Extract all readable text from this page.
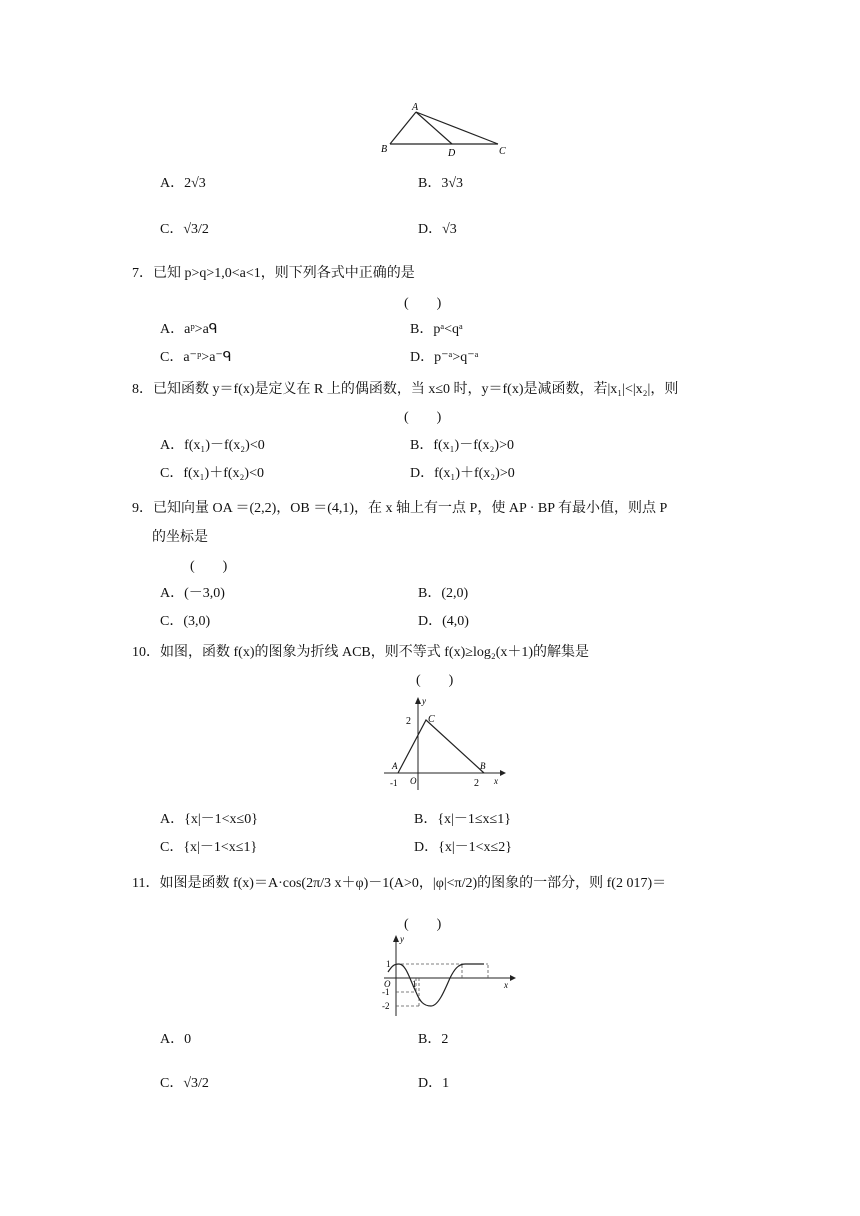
A
B	D	C
A．2√3	B．3√3
C．√3/2	D．√3
7．已知 p>q>1,0<a<1，则下列各式中正确的是
(　　)
A．aᵖ>aᑫ	B．pᵃ<qᵃ
C．a⁻ᵖ>a⁻ᑫ	D．p⁻ᵃ>q⁻ᵃ
8．已知函数 y＝f(x)是定义在 R 上的偶函数，当 x≤0 时，y＝f(x)是减函数，若|x₁|<|x₂|，则
(　　)
A．f(x₁)－f(x₂)<0	B．f(x₁)－f(x₂)>0
C．f(x₁)＋f(x₂)<0	D．f(x₁)＋f(x₂)>0
9．已知向量 OA ＝(2,2)，OB ＝(4,1)，在 x 轴上有一点 P，使 AP · BP 有最小值，则点 P
的坐标是
(　　)
A．(－3,0)	B．(2,0)
C．(3,0)	D．(4,0)
10．如图，函数 f(x)的图象为折线 ACB，则不等式 f(x)≥log₂(x＋1)的解集是
(　　)
y
2 C
A
O
B
-1	2 x
A．{x|－1<x≤0}	B．{x|－1≤x≤1}
C．{x|－1<x≤1}	D．{x|－1<x≤2}
11．如图是函数 f(x)＝A·cos(2π/3 x＋φ)－1(A>0，|φ|<π/2)的图象的一部分，则 f(2 017)＝
(　　)
y
1
O 1
-1
-2
x
A．0	B．2
C．√3/2	D．1
